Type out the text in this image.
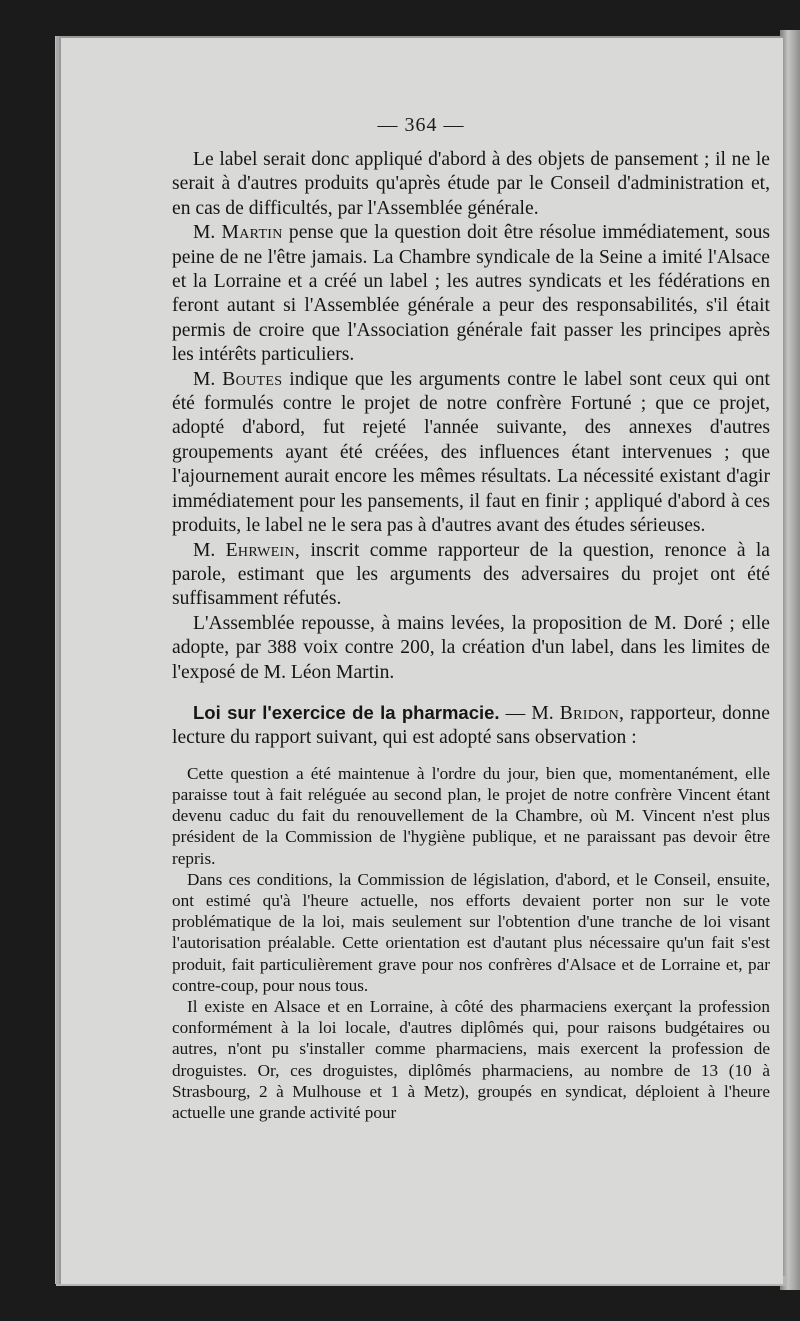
— 364 —

Le label serait donc appliqué d'abord à des objets de pansement ; il ne le serait à d'autres produits qu'après étude par le Conseil d'administration et, en cas de difficultés, par l'Assemblée générale.

M. Martin pense que la question doit être résolue immédiatement, sous peine de ne l'être jamais. La Chambre syndicale de la Seine a imité l'Alsace et la Lorraine et a créé un label ; les autres syndicats et les fédérations en feront autant si l'Assemblée générale a peur des responsabilités, s'il était permis de croire que l'Association générale fait passer les principes après les intérêts particuliers.

M. Boutes indique que les arguments contre le label sont ceux qui ont été formulés contre le projet de notre confrère Fortuné ; que ce projet, adopté d'abord, fut rejeté l'année suivante, des annexes d'autres groupements ayant été créées, des influences étant intervenues ; que l'ajournement aurait encore les mêmes résultats. La nécessité existant d'agir immédiatement pour les pansements, il faut en finir ; appliqué d'abord à ces produits, le label ne le sera pas à d'autres avant des études sérieuses.

M. Ehrwein, inscrit comme rapporteur de la question, renonce à la parole, estimant que les arguments des adversaires du projet ont été suffisamment réfutés.

L'Assemblée repousse, à mains levées, la proposition de M. Doré ; elle adopte, par 388 voix contre 200, la création d'un label, dans les limites de l'exposé de M. Léon Martin.

Loi sur l'exercice de la pharmacie. — M. Bridon, rapporteur, donne lecture du rapport suivant, qui est adopté sans observation :

Cette question a été maintenue à l'ordre du jour, bien que, momentanément, elle paraisse tout à fait reléguée au second plan, le projet de notre confrère Vincent étant devenu caduc du fait du renouvellement de la Chambre, où M. Vincent n'est plus président de la Commission de l'hygiène publique, et ne paraissant pas devoir être repris.

Dans ces conditions, la Commission de législation, d'abord, et le Conseil, ensuite, ont estimé qu'à l'heure actuelle, nos efforts devaient porter non sur le vote problématique de la loi, mais seulement sur l'obtention d'une tranche de loi visant l'autorisation préalable. Cette orientation est d'autant plus nécessaire qu'un fait s'est produit, fait particulièrement grave pour nos confrères d'Alsace et de Lorraine et, par contre-coup, pour nous tous.

Il existe en Alsace et en Lorraine, à côté des pharmaciens exerçant la profession conformément à la loi locale, d'autres diplômés qui, pour raisons budgétaires ou autres, n'ont pu s'installer comme pharmaciens, mais exercent la profession de droguistes. Or, ces droguistes, diplômés pharmaciens, au nombre de 13 (10 à Strasbourg, 2 à Mulhouse et 1 à Metz), groupés en syndicat, déploient à l'heure actuelle une grande activité pour
